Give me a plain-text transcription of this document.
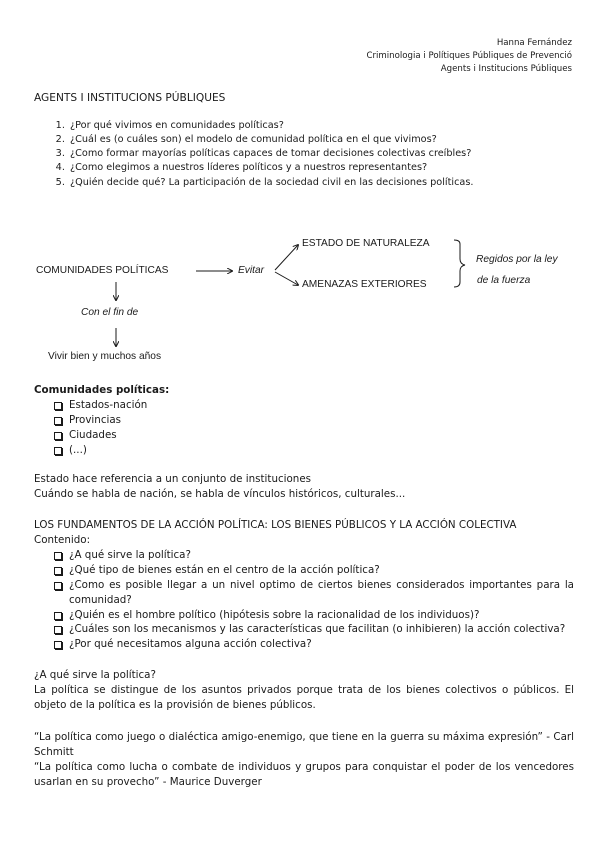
Hanna Fernández
Criminologia i Polítiques Públiques de Prevenció
Agents i Institucions Públiques
AGENTS I INSTITUCIONS PÚBLIQUES
1. ¿Por qué vivimos en comunidades políticas?
2. ¿Cuál es (o cuáles son) el modelo de comunidad política en el que vivimos?
3. ¿Como formar mayorías políticas capaces de tomar decisiones colectivas creíbles?
4. ¿Como elegimos a nuestros líderes políticos y a nuestros representantes?
5. ¿Quién decide qué? La participación de la sociedad civil en las decisiones políticas.
COMUNIDADES POLÍTICAS	Evitar
ESTADO DE NATURALEZA
AMENAZAS EXTERIORES
Regidos por la ley
de la fuerza
Con el fin de
Vivir bien y muchos años
Comunidades políticas:
Estados-nación
Provincias
Ciudades
(...)
Estado hace referencia a un conjunto de instituciones
Cuándo se habla de nación, se habla de vínculos históricos, culturales...
LOS FUNDAMENTOS DE LA ACCIÓN POLÍTICA: LOS BIENES PÚBLICOS Y LA ACCIÓN COLECTIVA
Contenido:
¿A qué sirve la política?
¿Qué tipo de bienes están en el centro de la acción política?
¿Como es posible llegar a un nivel optimo de ciertos bienes considerados importantes para la comunidad?
¿Quién es el hombre político (hipótesis sobre la racionalidad de los individuos)?
¿Cuáles son los mecanismos y las características que facilitan (o inhibieren) la acción colectiva?
¿Por qué necesitamos alguna acción colectiva?
¿A qué sirve la política?

La política se distingue de los asuntos privados porque trata de los bienes colectivos o públicos. El objeto de la política es la provisión de bienes públicos.

“La política como juego o dialéctica amigo-enemigo, que tiene en la guerra su máxima expresión” - Carl Schmitt

“La política como lucha o combate de individuos y grupos para conquistar el poder de los vencedores usarlan en su provecho” - Maurice Duverger
